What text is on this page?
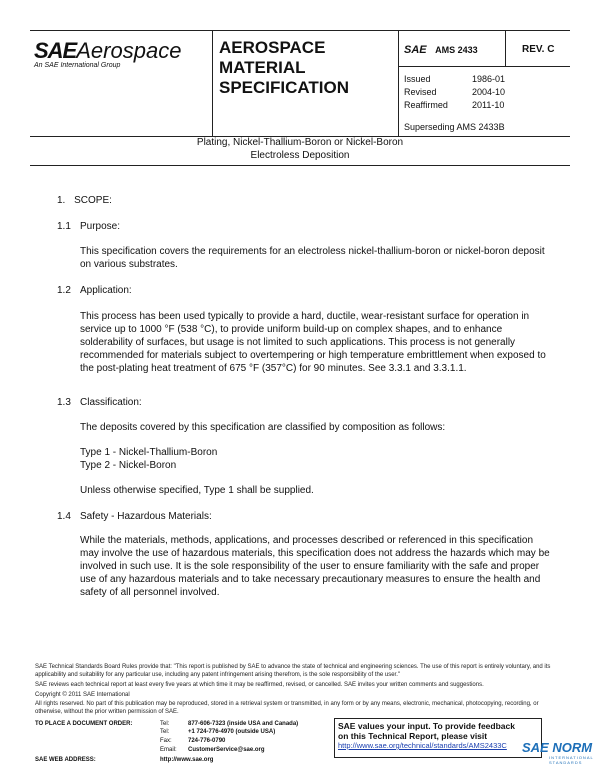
SAEAerospace
An SAE International Group
AEROSPACE
MATERIAL
SPECIFICATION
SAE AMS 2433	REV. C
Issued	1986-01
Revised	2004-10
Reaffirmed	2011-10
Superseding AMS 2433B
Plating, Nickel-Thallium-Boron or Nickel-Boron
Electroless Deposition
1. SCOPE:
1.1 Purpose:
This specification covers the requirements for an electroless nickel-thallium-boron or nickel-boron deposit on various substrates.
1.2 Application:
This process has been used typically to provide a hard, ductile, wear-resistant surface for operation in service up to 1000 °F (538 °C), to provide uniform build-up on complex shapes, and to enhance solderability of surfaces, but usage is not limited to such applications. This process is not generally recommended for materials subject to overtempering or high temperature embrittlement when exposed to the post-plating heat treatment of 675 °F (357°C) for 90 minutes. See 3.3.1 and 3.3.1.1.
1.3 Classification:
The deposits covered by this specification are classified by composition as follows:
Type 1 - Nickel-Thallium-Boron
Type 2 - Nickel-Boron
Unless otherwise specified, Type 1 shall be supplied.
1.4 Safety - Hazardous Materials:
While the materials, methods, applications, and processes described or referenced in this specification may involve the use of hazardous materials, this specification does not address the hazards which may be involved in such use. It is the sole responsibility of the user to ensure familiarity with the safe and proper use of any hazardous materials and to take necessary precautionary measures to ensure the health and safety of all personnel involved.
SAE Technical Standards Board Rules provide that: "This report is published by SAE to advance the state of technical and engineering sciences. The use of this report is entirely voluntary, and its applicability and suitability for any particular use, including any patent infringement arising therefrom, is the sole responsibility of the user."
SAE reviews each technical report at least every five years at which time it may be reaffirmed, revised, or cancelled. SAE invites your written comments and suggestions.
Copyright © 2011 SAE International
All rights reserved. No part of this publication may be reproduced, stored in a retrieval system or transmitted, in any form or by any means, electronic, mechanical, photocopying, recording, or otherwise, without the prior written permission of SAE.
TO PLACE A DOCUMENT ORDER:	Tel:	877-606-7323 (inside USA and Canada)
Tel:	+1 724-776-4970 (outside USA)
Fax:	724-776-0790
Email: CustomerService@sae.org
SAE WEB ADDRESS:	http://www.sae.org
SAE values your input. To provide feedback
on this Technical Report, please visit
http://www.sae.org/technical/standards/AMS2433C	SAE NORM
INTERNATIONAL STANDARDS
